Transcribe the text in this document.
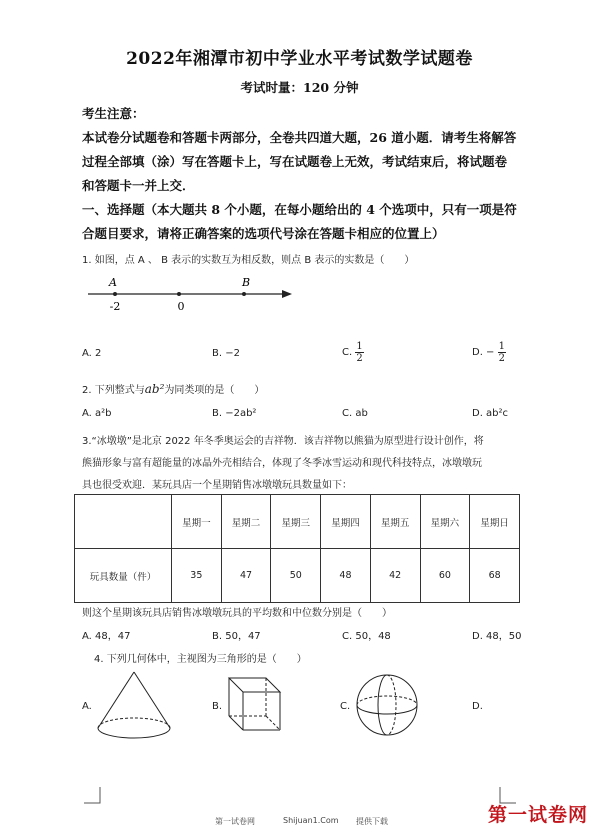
2022年湘潭市初中学业水平考试数学试题卷
考试时量：120 分钟
考生注意：
本试卷分试题卷和答题卡两部分，全卷共四道大题，26 道小题．请考生将解答
过程全部填（涂）写在答题卡上，写在试题卷上无效，考试结束后，将试题卷
和答题卡一并上交．
一、选择题（本大题共 8 个小题，在每小题给出的 4 个选项中，只有一项是符
合题目要求，请将正确答案的选项代号涂在答题卡相应的位置上）
1. 如图，点 A 、 B 表示的实数互为相反数，则点 B 表示的实数是（　　）
A	B
-2	0
A. 2	B. −2	C. $\frac{1}{2}$	D. − $\frac{1}{2}$
2. 下列整式与ab²为同类项的是（　　）
A. a²b	B. −2ab²	C. ab	D. ab²c
3.“冰墩墩”是北京 2022 年冬季奥运会的吉祥物．该吉祥物以熊猫为原型进行设计创作，将
熊猫形象与富有超能量的冰晶外壳相结合，体现了冬季冰雪运动和现代科技特点，冰墩墩玩
具也很受欢迎．某玩具店一个星期销售冰墩墩玩具数量如下：
	星期一	星期二	星期三	星期四	星期五	星期六	星期日
玩具数量（件）	35	47	50	48	42	60	68
则这个星期该玩具店销售冰墩墩玩具的平均数和中位数分别是（　　）
A. 48，47	B. 50，47	C. 50，48	D. 48，50
4. 下列几何体中，主视图为三角形的是（　　）
A.	B.	C.	D.
第一试卷网	Shijuan1.Com 提供下载	第一试卷网
